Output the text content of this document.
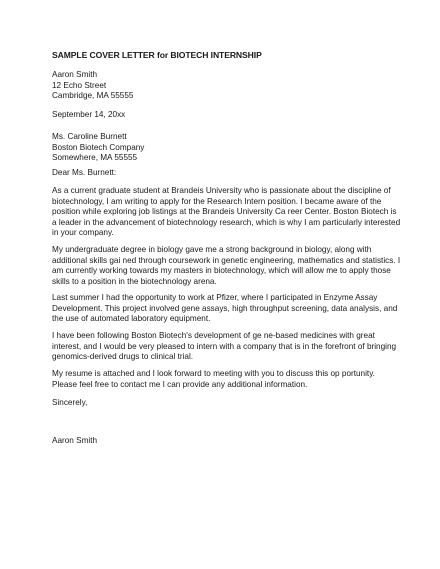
SAMPLE COVER LETTER for BIOTECH INTERNSHIP
Aaron Smith
12 Echo Street
Cambridge, MA 55555
September 14, 20xx
Ms. Caroline Burnett
Boston Biotech Company
Somewhere, MA 55555
Dear Ms. Burnett:
As a current graduate student at Brandeis University who is passionate about the discipline of
biotechnology, I am writing to apply for the Research Intern position. I became aware of the
position while exploring job listings at the Brandeis University Ca reer Center. Boston Biotech is
a leader in the advancement of biotechnology research, which is why I am particularly interested
in your company.
My undergraduate degree in biology gave me a strong background in biology, along with
additional skills gai ned through coursework in genetic engineering, mathematics and statistics. I
am currently working towards my masters in biotechnology, which will allow me to apply those
skills to a position in the biotechnology arena.
Last summer I had the opportunity to work at Pfizer, where I participated in Enzyme Assay
Development. This project involved gene assays, high throughput screening, data analysis, and
the use of automated laboratory equipment.
I have been following Boston Biotech's development of ge ne-based medicines with great
interest, and I would be very pleased to intern with a company that is in the forefront of bringing
genomics-derived drugs to clinical trial.
My resume is attached and I look forward to meeting with you to discuss this op portunity.
Please feel free to contact me I can provide any additional information.
Sincerely,
Aaron Smith
